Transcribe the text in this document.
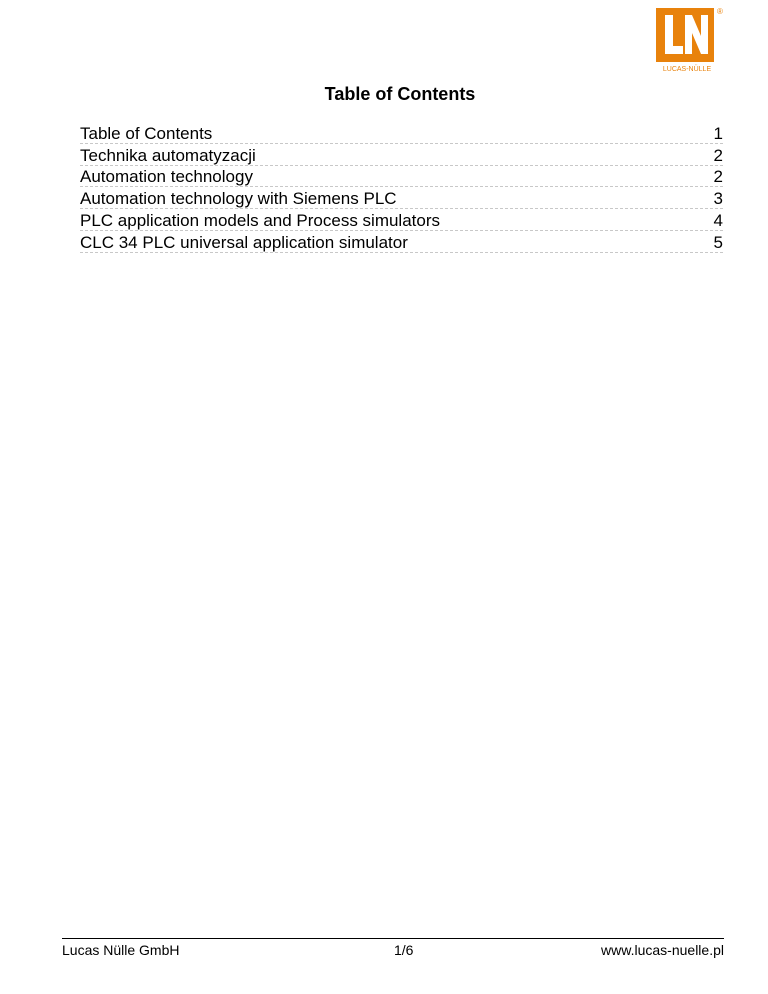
®
LUCAS-NÜLLE
Table of Contents
Table of Contents	1
Technika automatyzacji	2
Automation technology	2
Automation technology with Siemens PLC	3
PLC application models and Process simulators	4
CLC 34 PLC universal application simulator	5
Lucas Nülle GmbH	1/6	www.lucas-nuelle.pl
